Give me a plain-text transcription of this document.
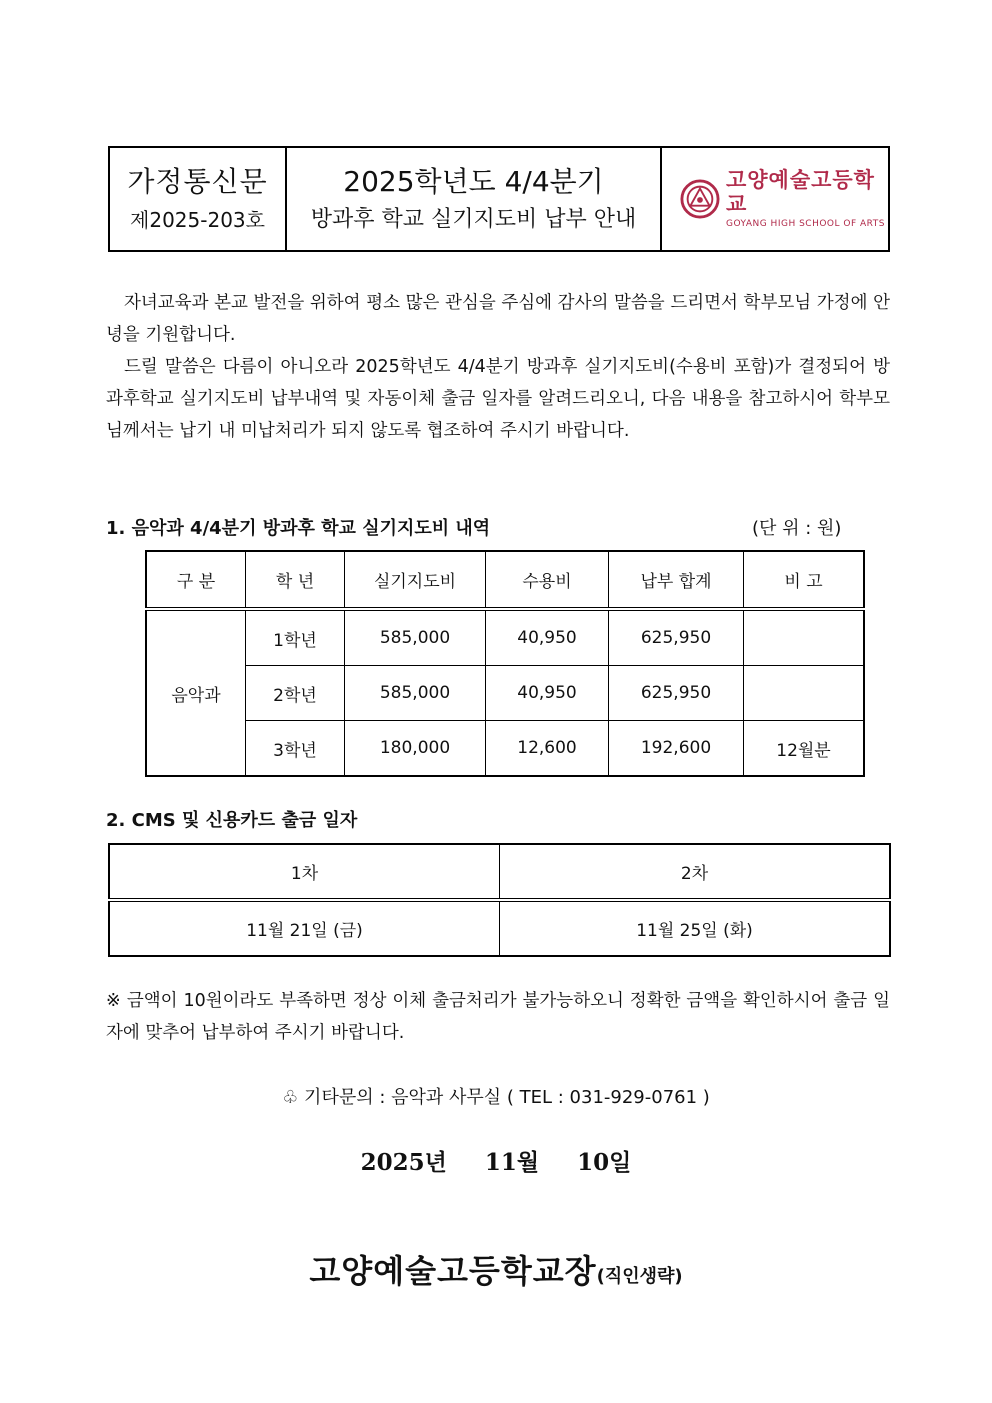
가정통신문
제2025-203호
2025학년도 4/4분기
방과후 학교 실기지도비 납부 안내
고양예술고등학교
GOYANG HIGH SCHOOL OF ARTS
자녀교육과 본교 발전을 위하여 평소 많은 관심을 주심에 감사의 말씀을 드리면서 학부모님 가정에 안녕을 기원합니다.
드릴 말씀은 다름이 아니오라 2025학년도 4/4분기 방과후 실기지도비(수용비 포함)가 결정되어 방과후학교 실기지도비 납부내역 및 자동이체 출금 일자를 알려드리오니, 다음 내용을 참고하시어 학부모님께서는 납기 내 미납처리가 되지 않도록 협조하여 주시기 바랍니다.
1. 음악과 4/4분기 방과후 학교 실기지도비 내역	(단 위 : 원)
구 분	학 년	실기지도비	수용비	납부 합계	비 고
음악과	1학년	585,000	40,950	625,950	
	2학년	585,000	40,950	625,950	
	3학년	180,000	12,600	192,600	12월분
2. CMS 및 신용카드 출금 일자
1차	2차
11월 21일 (금)	11월 25일 (화)
※ 금액이 10원이라도 부족하면 정상 이체 출금처리가 불가능하오니 정확한 금액을 확인하시어 출금 일자에 맞추어 납부하여 주시기 바랍니다.
♧ 기타문의 : 음악과 사무실 ( TEL : 031-929-0761 )
2025년 11월 10일
고양예술고등학교장(직인생략)
